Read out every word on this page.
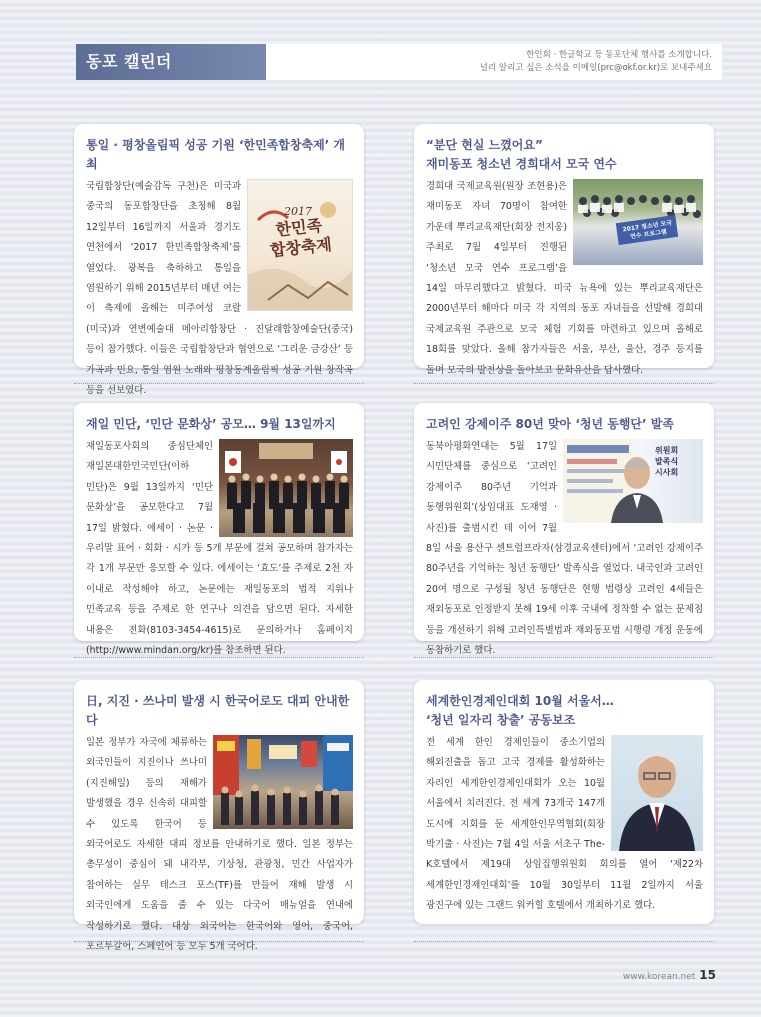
동포 캘린더	한인회 · 한글학교 등 동포단체 행사를 소개합니다.
널리 알리고 싶은 소식을 이메일(prc@okf.or.kr)로 보내주세요
통일 · 평창올림픽 성공 기원 ‘한민족합창축제’ 개최
2017
한민족 합창축제
국립합창단(예술감독 구천)은 미국과 중국의 동포합창단을 초청해 8월 12일부터 16일까지 서울과 경기도 연천에서 ‘2017 한민족합창축제’를 열었다. 광복을 축하하고 통일을 염원하기 위해 2015년부터 매년 여는 이 축제에 올해는 미주여성 코랄(미국)과 연변예술대 메아리합창단 · 진달래합창예술단(중국) 등이 참가했다. 이들은 국립합창단과 협연으로 ‘그리운 금강산’ 등 가곡과 민요, 통일 염원 노래와 평창동계올림픽 성공 기원 창작곡 등을 선보였다.
“분단 현실 느꼈어요”
재미동포 청소년 경희대서 모국 연수
2017 청소년 모국 연수 프로그램
경희대 국제교육원(원장 조현용)은 재미동포 자녀 70명이 참여한 가운데 뿌리교육재단(회장 전지웅) 주최로 7월 4일부터 진행된 ‘청소년 모국 연수 프로그램’을 14일 마무리했다고 밝혔다. 미국 뉴욕에 있는 뿌리교육재단은 2000년부터 해마다 미국 각 지역의 동포 자녀들을 선발해 경희대 국제교육원 주관으로 모국 체험 기회를 마련하고 있으며 올해로 18회를 맞았다. 올해 참가자들은 서울, 부산, 울산, 경주 등지를 돌며 모국의 발전상을 돌아보고 문화유산을 답사했다.
재일 민단, ‘민단 문화상’ 공모… 9월 13일까지
재일동포사회의 중심단체인 재일본대한민국민단(이하 민단)은 9월 13일까지 ‘민단 문화상’을 공모한다고 7월 17일 밝혔다. 에세이 · 논문 · 우리말 표어 · 회화 · 시가 등 5개 부문에 걸쳐 공모하며 참가자는 각 1개 부문만 응모할 수 있다. 에세이는 ‘효도’를 주제로 2천 자 이내로 작성해야 하고, 논문에는 재일동포의 법적 지위나 민족교육 등을 주제로 한 연구나 의견을 담으면 된다. 자세한 내용은 전화(8103-3454-4615)로 문의하거나 홈페이지(http://www.mindan.org/kr)를 참조하면 된다.
고려인 강제이주 80년 맞아 ‘청년 동행단’ 발족
위원회 발족식 시사회
동북아평화연대는 5월 17일 시민단체를 중심으로 ‘고려인 강제이주 80주년 기억과 동행위원회’(상임대표 도재영 · 사진)를 출범시킨 데 이어 7월 8일 서울 용산구 센트럴프라자(삼경교육센터)에서 ‘고려인 강제이주 80주년을 기억하는 청년 동행단’ 발족식을 열었다. 내국인과 고려인 20여 명으로 구성될 청년 동행단은 현행 법령상 고려인 4세들은 재외동포로 인정받지 못해 19세 이후 국내에 정착할 수 없는 문제점 등을 개선하기 위해 고려인특별법과 재외동포법 시행령 개정 운동에 동참하기로 했다.
日, 지진 · 쓰나미 발생 시 한국어로도 대피 안내한다
일본 정부가 자국에 체류하는 외국인들이 지진이나 쓰나미(지진해일) 등의 재해가 발생했을 경우 신속히 대피할 수 있도록 한국어 등 외국어로도 자세한 대피 정보를 안내하기로 했다. 일본 정부는 총무성이 중심이 돼 내각부, 기상청, 관광청, 민간 사업자가 참여하는 실무 테스크 포스(TF)를 만들어 재해 발생 시 외국인에게 도움을 줄 수 있는 다국어 매뉴얼을 연내에 작성하기로 했다. 대상 외국어는 한국어와 영어, 중국어, 포르투갈어, 스페인어 등 모두 5개 국어다.
세계한인경제인대회 10월 서울서…
‘청년 일자리 창출’ 공동보조
전 세계 한인 경제인들이 중소기업의 해외진출을 돕고 고국 경제를 활성화하는 자리인 세계한인경제인대회가 오는 10월 서울에서 치러진다. 전 세계 73개국 147개 도시에 지회를 둔 세계한인무역협회(회장 박기출 · 사진)는 7월 4일 서울 서초구 The-K호텔에서 제19대 상임집행위원회 회의를 열어 ‘제22차 세계한인경제인대회’를 10월 30일부터 11월 2일까지 서울 광진구에 있는 그랜드 워커힐 호텔에서 개최하기로 했다.
www.korean.net 15
